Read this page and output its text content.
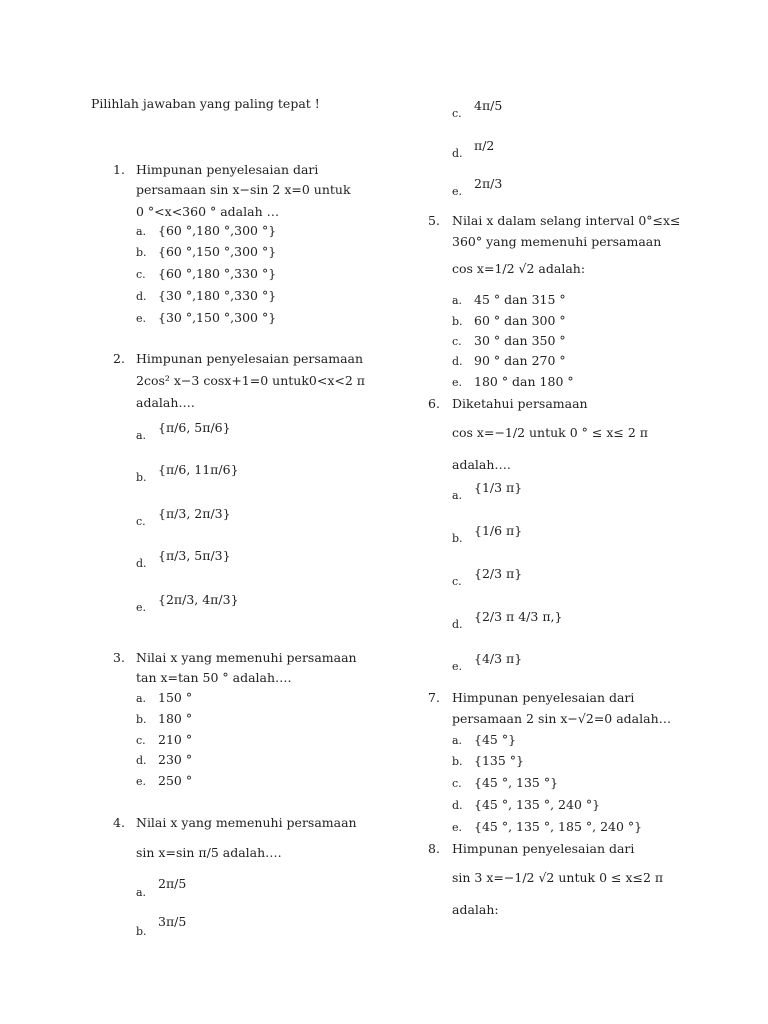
Pilihlah jawaban yang paling tepat !
1. Himpunan penyelesaian dari
persamaan sin x−sin 2 x=0 untuk
0 °<x<360 ° adalah …
a. {60 °,180 °,300 °}
b. {60 °,150 °,300 °}
c. {60 °,180 °,330 °}
d. {30 °,180 °,330 °}
e. {30 °,150 °,300 °}
2. Himpunan penyelesaian persamaan
2cos² x−3 cosx+1=0 untuk0<x<2 π
adalah….
a.
{π/6, 5π/6}
b.
{π/6, 11π/6}
c.
{π/3, 2π/3}
d.
{π/3, 5π/3}
e.
{2π/3, 4π/3}
3. Nilai x yang memenuhi persamaan
tan x=tan 50 ° adalah….
a. 150 °
b. 180 °
c. 210 °
d. 230 °
e. 250 °
4. Nilai x yang memenuhi persamaan
sin x=sin π/5 adalah….
a.
2π/5
b.
3π/5
c.
4π/5
d.
π/2
e.
2π/3
5. Nilai x dalam selang interval 0°≤x≤
360° yang memenuhi persamaan
cos x=1/2 √2 adalah:
a. 45 ° dan 315 °
b. 60 ° dan 300 °
c. 30 ° dan 350 °
d. 90 ° dan 270 °
e. 180 ° dan 180 °
6. Diketahui persamaan
cos x=−1/2 untuk 0 ° ≤ x≤ 2 π
adalah….
a.
{1/3 π}
b.
{1/6 π}
c.
{2/3 π}
d.
{2/3 π 4/3 π,}
e.
{4/3 π}
7. Himpunan penyelesaian dari
persamaan 2 sin x−√2=0 adalah…
a. {45 °}
b. {135 °}
c. {45 °, 135 °}
d. {45 °, 135 °, 240 °}
e. {45 °, 135 °, 185 °, 240 °}
8. Himpunan penyelesaian dari
sin 3 x=−1/2 √2 untuk 0 ≤ x≤2 π
adalah:
